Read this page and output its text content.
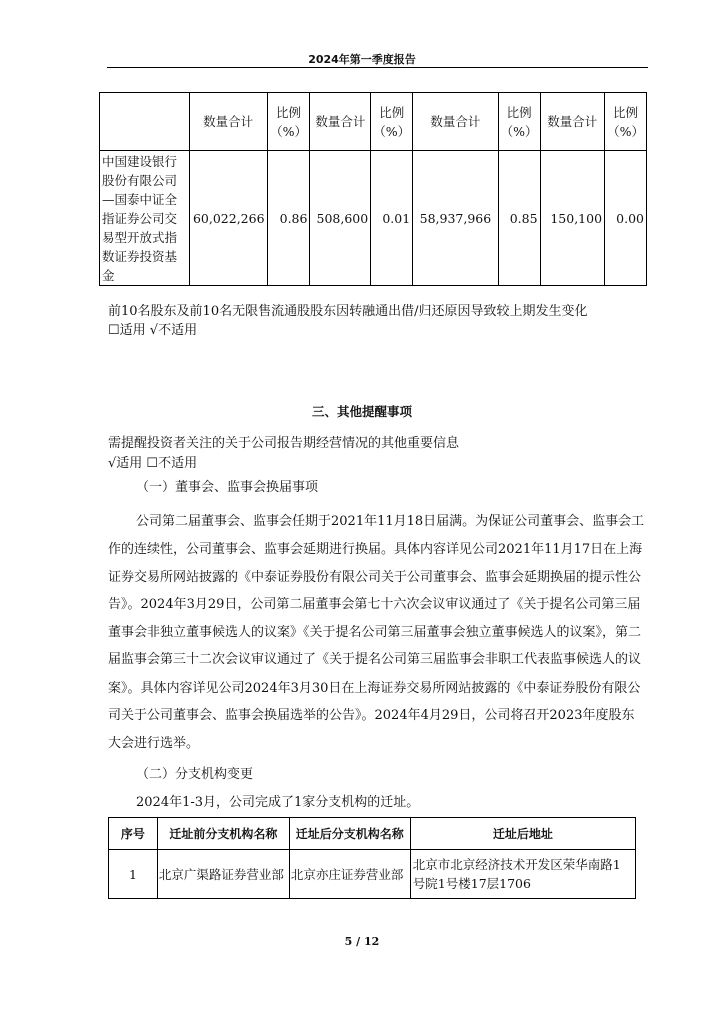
2024年第一季度报告
	数量合计	比例（%）	数量合计	比例（%）	数量合计	比例（%）	数量合计	比例（%）
中国建设银行股份有限公司—国泰中证全指证券公司交易型开放式指数证券投资基金	60,022,266	0.86	508,600	0.01	58,937,966	0.85	150,100	0.00
前10名股东及前10名无限售流通股股东因转融通出借/归还原因导致较上期发生变化
☐适用 √不适用
三、其他提醒事项
需提醒投资者关注的关于公司报告期经营情况的其他重要信息
√适用 ☐不适用
（一）董事会、监事会换届事项
公司第二届董事会、监事会任期于2021年11月18日届满。为保证公司董事会、监事会工
作的连续性，公司董事会、监事会延期进行换届。具体内容详见公司2021年11月17日在上海
证券交易所网站披露的《中泰证券股份有限公司关于公司董事会、监事会延期换届的提示性公
告》。2024年3月29日，公司第二届董事会第七十六次会议审议通过了《关于提名公司第三届
董事会非独立董事候选人的议案》《关于提名公司第三届董事会独立董事候选人的议案》，第二
届监事会第三十二次会议审议通过了《关于提名公司第三届监事会非职工代表监事候选人的议
案》。具体内容详见公司2024年3月30日在上海证券交易所网站披露的《中泰证券股份有限公
司关于公司董事会、监事会换届选举的公告》。2024年4月29日，公司将召开2023年度股东
大会进行选举。
（二）分支机构变更
2024年1-3月，公司完成了1家分支机构的迁址。
序号	迁址前分支机构名称	迁址后分支机构名称	迁址后地址
1	北京广渠路证券营业部	北京亦庄证券营业部	北京市北京经济技术开发区荣华南路1号院1号楼17层1706
5 / 12
